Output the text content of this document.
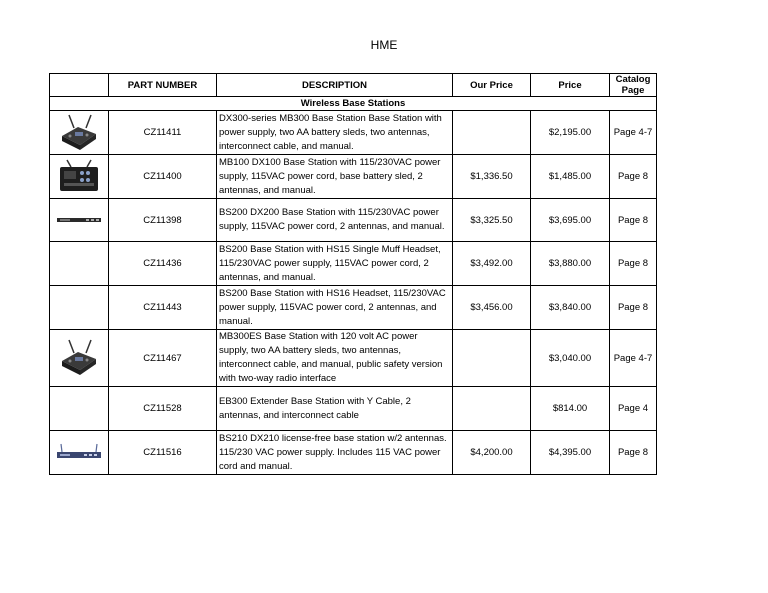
HME
	PART NUMBER	DESCRIPTION	Our Price	Price	Catalog Page
Wireless Base Stations					

	CZ11411	DX300-series MB300 Base Station Base Station with
power supply, two AA battery sleds, two antennas,
interconnect cable, and manual.		$2,195.00	Page 4-7

	CZ11400	MB100 DX100 Base Station with 115/230VAC power
supply, 115VAC power cord, base battery sled, 2
antennas, and manual.	$1,336.50	$1,485.00	Page 8

	CZ11398	BS200 DX200 Base Station with 115/230VAC power
supply, 115VAC power cord, 2 antennas, and manual.	$3,325.50	$3,695.00	Page 8
	CZ11436	BS200 Base Station with HS15 Single Muff Headset,
115/230VAC power supply, 115VAC power cord, 2
antennas, and manual.	$3,492.00	$3,880.00	Page 8
	CZ11443	BS200 Base Station with HS16 Headset, 115/230VAC
power supply, 115VAC power cord, 2 antennas, and
manual.	$3,456.00	$3,840.00	Page 8

	CZ11467	MB300ES Base Station with 120 volt AC power
supply, two AA battery sleds, two antennas,
interconnect cable, and manual, public safety version
with two-way radio interface		$3,040.00	Page 4-7
	CZ11528	EB300 Extender Base Station with Y Cable, 2
antennas, and interconnect cable		$814.00	Page 4

	CZ11516	BS210 DX210 license-free base station w/2 antennas.
115/230 VAC power supply. Includes 115 VAC power
cord and manual.	$4,200.00	$4,395.00	Page 8
